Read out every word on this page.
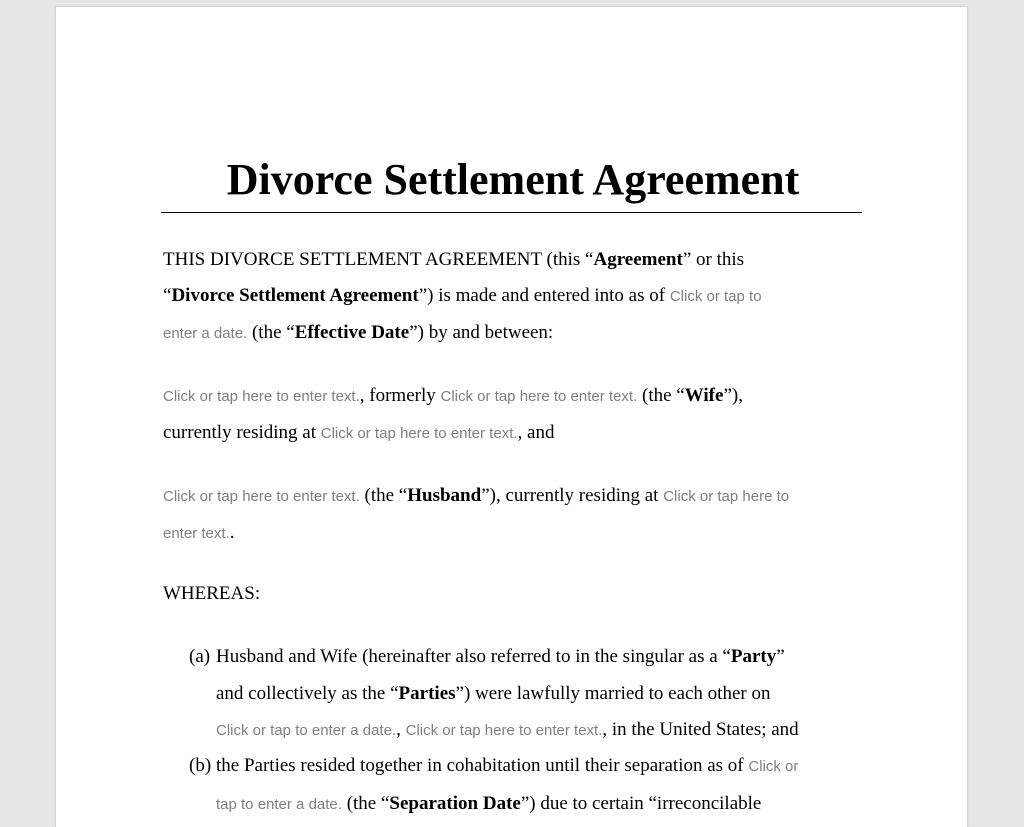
Divorce Settlement Agreement
THIS DIVORCE SETTLEMENT AGREEMENT (this “Agreement” or this
“Divorce Settlement Agreement”) is made and entered into as of Click or tap to
enter a date. (the “Effective Date”) by and between:
Click or tap here to enter text., formerly Click or tap here to enter text. (the “Wife”),
currently residing at Click or tap here to enter text., and
Click or tap here to enter text. (the “Husband”), currently residing at Click or tap here to
enter text..
WHEREAS:
(a) Husband and Wife (hereinafter also referred to in the singular as a “Party”
and collectively as the “Parties”) were lawfully married to each other on
Click or tap to enter a date., Click or tap here to enter text., in the United States; and
(b) the Parties resided together in cohabitation until their separation as of Click or
tap to enter a date. (the “Separation Date”) due to certain “irreconcilable
